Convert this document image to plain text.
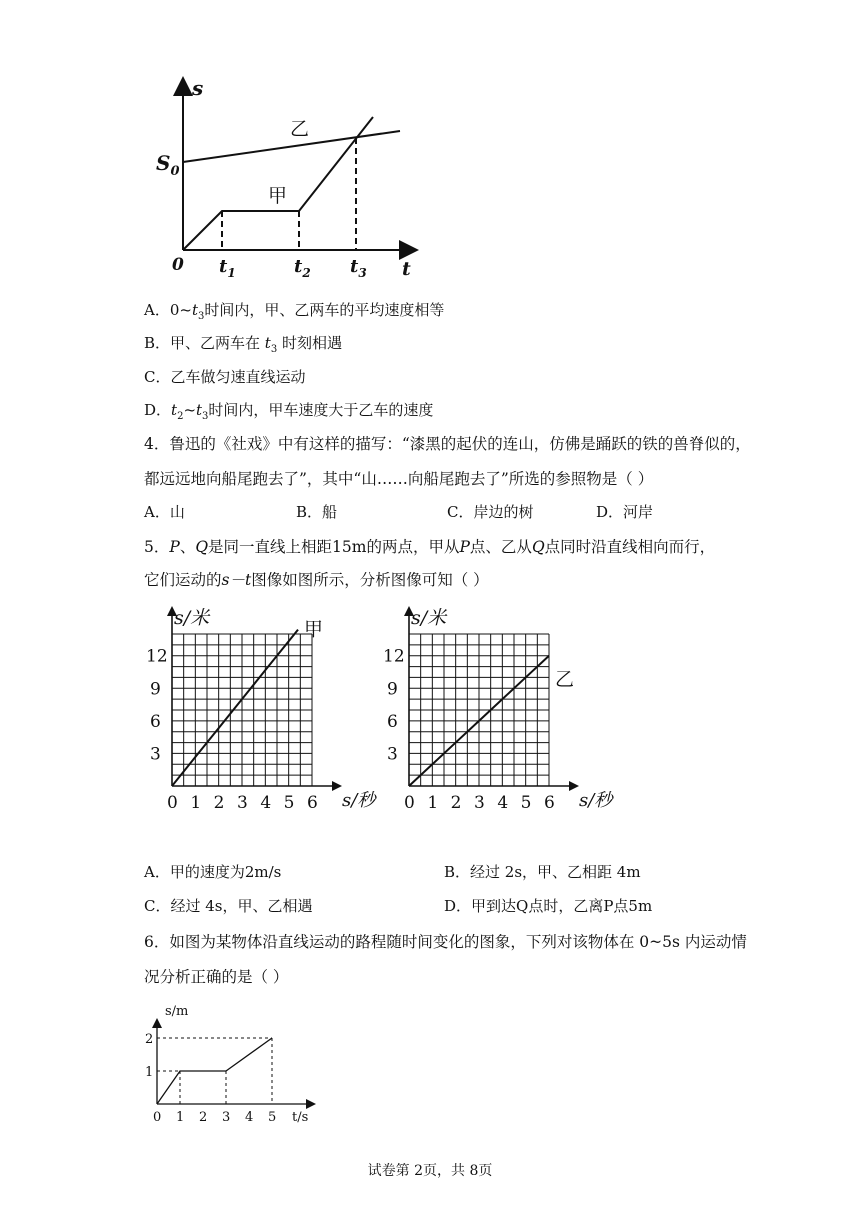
s
$S_0$
0	t
$t_1$	$t_2$ $t_3$
甲
乙
A．$0\sim t_3$时间内，甲、乙两车的平均速度相等
B．甲、乙两车在 $t_3$ 时刻相遇
C．乙车做匀速直线运动
D．$t_2\sim t_3$时间内，甲车速度大于乙车的速度
4．鲁迅的《社戏》中有这样的描写：“漆黑的起伏的连山，仿佛是踊跃的铁的兽脊似的，
都远远地向船尾跑去了”，其中“山……向船尾跑去了”所选的参照物是（ ）
A．山	B．船	C．岸边的树	D．河岸
5．P、Q是同一直线上相距15m的两点，甲从P点、乙从Q点同时沿直线相向而行，
它们运动的s－t图像如图所示，分析图像可知（ ）
0 1 2 3 4 5 6
3
6
9
12
s/米
s/秒
甲
0 1 2 3 4 5 6
3
6
9
12
s/米
s/秒
乙
A．甲的速度为2m/s	B．经过 2s，甲、乙相距 4m
C．经过 4s，甲、乙相遇	D．甲到达Q点时，乙离P点5m
6．如图为某物体沿直线运动的路程随时间变化的图象，下列对该物体在 0~5s 内运动情
况分析正确的是（ ）
0 1 2 3 4 5
1
2
s/m
t/s
试卷第 2页，共 8页
